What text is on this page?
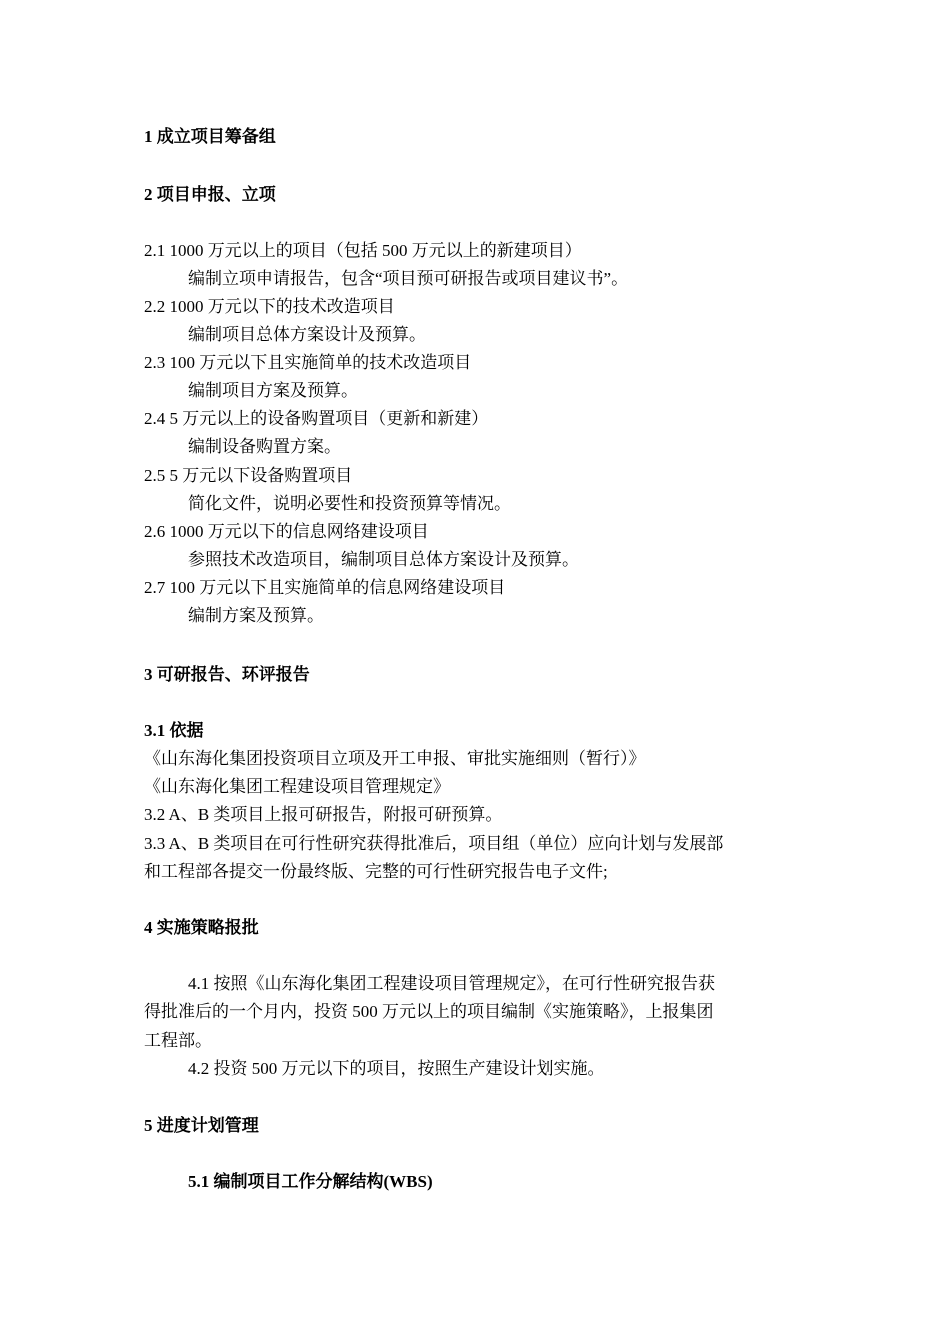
1 成立项目筹备组
2 项目申报、立项
2.1 1000 万元以上的项目（包括 500 万元以上的新建项目）
编制立项申请报告，包含“项目预可研报告或项目建议书”。
2.2 1000 万元以下的技术改造项目
编制项目总体方案设计及预算。
2.3 100 万元以下且实施简单的技术改造项目
编制项目方案及预算。
2.4 5 万元以上的设备购置项目（更新和新建）
编制设备购置方案。
2.5 5 万元以下设备购置项目
简化文件，说明必要性和投资预算等情况。
2.6 1000 万元以下的信息网络建设项目
参照技术改造项目，编制项目总体方案设计及预算。
2.7 100 万元以下且实施简单的信息网络建设项目
编制方案及预算。
3 可研报告、环评报告
3.1 依据
《山东海化集团投资项目立项及开工申报、审批实施细则（暂行）》
《山东海化集团工程建设项目管理规定》
3.2 A、B 类项目上报可研报告，附报可研预算。
3.3 A、B 类项目在可行性研究获得批准后，项目组（单位）应向计划与发展部
和工程部各提交一份最终版、完整的可行性研究报告电子文件;
4 实施策略报批
4.1 按照《山东海化集团工程建设项目管理规定》，在可行性研究报告获
得批准后的一个月内，投资 500 万元以上的项目编制《实施策略》，上报集团
工程部。
4.2 投资 500 万元以下的项目，按照生产建设计划实施。
5 进度计划管理
5.1 编制项目工作分解结构(WBS)
